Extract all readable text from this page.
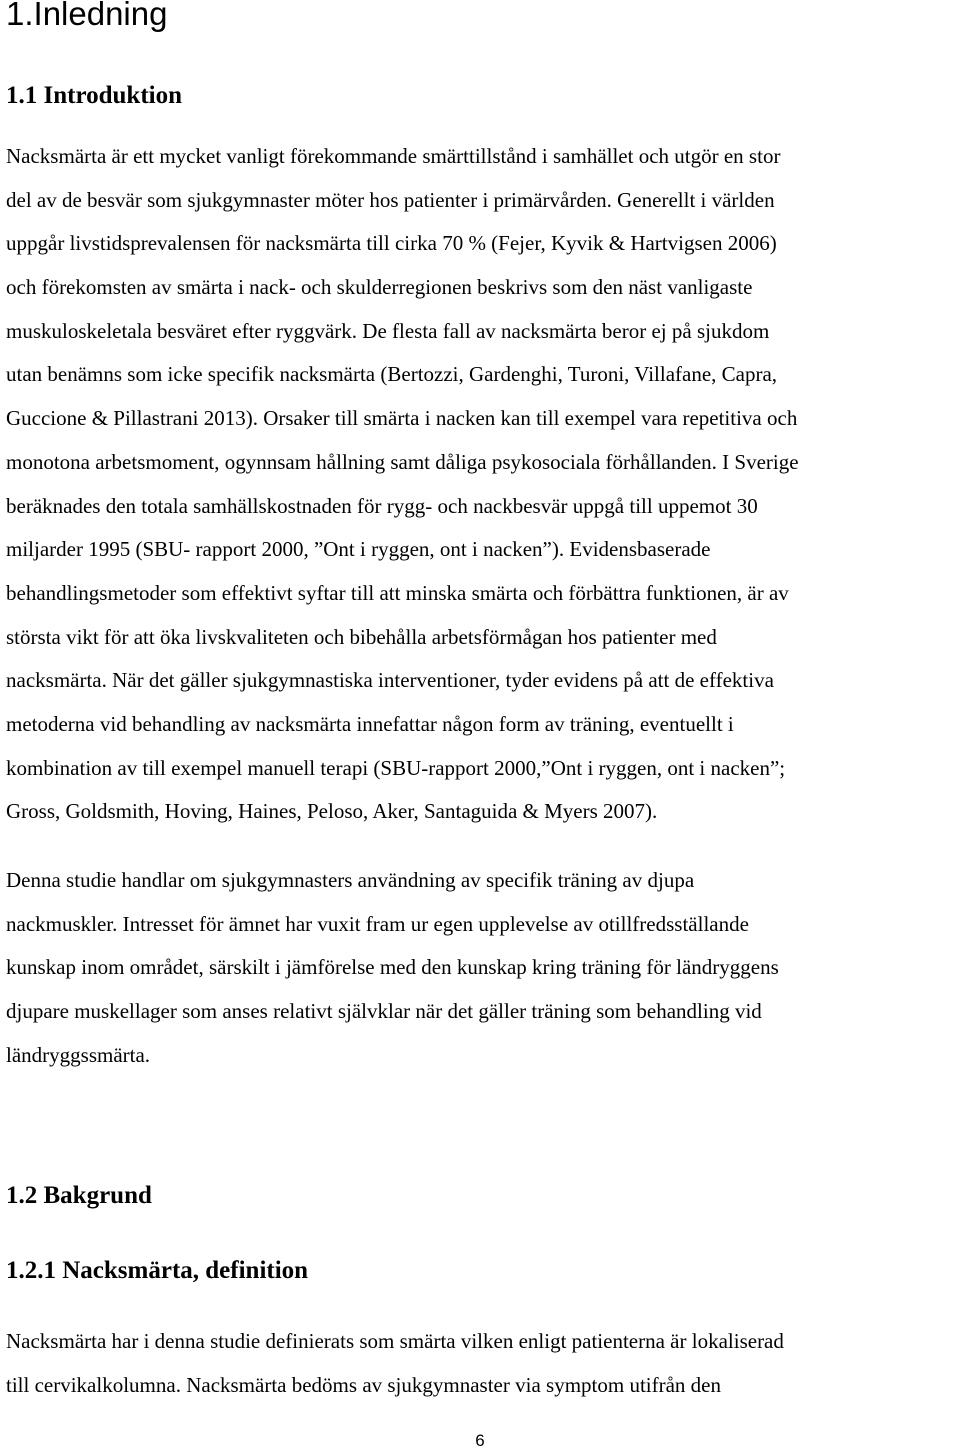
1.Inledning
1.1 Introduktion

Nacksmärta är ett mycket vanligt förekommande smärttillstånd i samhället och utgör en stor
del av de besvär som sjukgymnaster möter hos patienter i primärvården. Generellt i världen
uppgår livstidsprevalensen för nacksmärta till cirka 70 % (Fejer, Kyvik & Hartvigsen 2006)
och förekomsten av smärta i nack- och skulderregionen beskrivs som den näst vanligaste
muskuloskeletala besväret efter ryggvärk. De flesta fall av nacksmärta beror ej på sjukdom
utan benämns som icke specifik nacksmärta (Bertozzi, Gardenghi, Turoni, Villafane, Capra,
Guccione & Pillastrani 2013). Orsaker till smärta i nacken kan till exempel vara repetitiva och
monotona arbetsmoment, ogynnsam hållning samt dåliga psykosociala förhållanden. I Sverige
beräknades den totala samhällskostnaden för rygg- och nackbesvär uppgå till uppemot 30
miljarder 1995 (SBU- rapport 2000, ”Ont i ryggen, ont i nacken”). Evidensbaserade
behandlingsmetoder som effektivt syftar till att minska smärta och förbättra funktionen, är av
största vikt för att öka livskvaliteten och bibehålla arbetsförmågan hos patienter med
nacksmärta. När det gäller sjukgymnastiska interventioner, tyder evidens på att de effektiva
metoderna vid behandling av nacksmärta innefattar någon form av träning, eventuellt i
kombination av till exempel manuell terapi (SBU-rapport 2000,”Ont i ryggen, ont i nacken”;
Gross, Goldsmith, Hoving, Haines, Peloso, Aker, Santaguida & Myers 2007).

Denna studie handlar om sjukgymnasters användning av specifik träning av djupa
nackmuskler. Intresset för ämnet har vuxit fram ur egen upplevelse av otillfredsställande
kunskap inom området, särskilt i jämförelse med den kunskap kring träning för ländryggens
djupare muskellager som anses relativt självklar när det gäller träning som behandling vid
ländryggssmärta.

1.2 Bakgrund
1.2.1 Nacksmärta, definition

Nacksmärta har i denna studie definierats som smärta vilken enligt patienterna är lokaliserad
till cervikalkolumna. Nacksmärta bedöms av sjukgymnaster via symptom utifrån den

6
